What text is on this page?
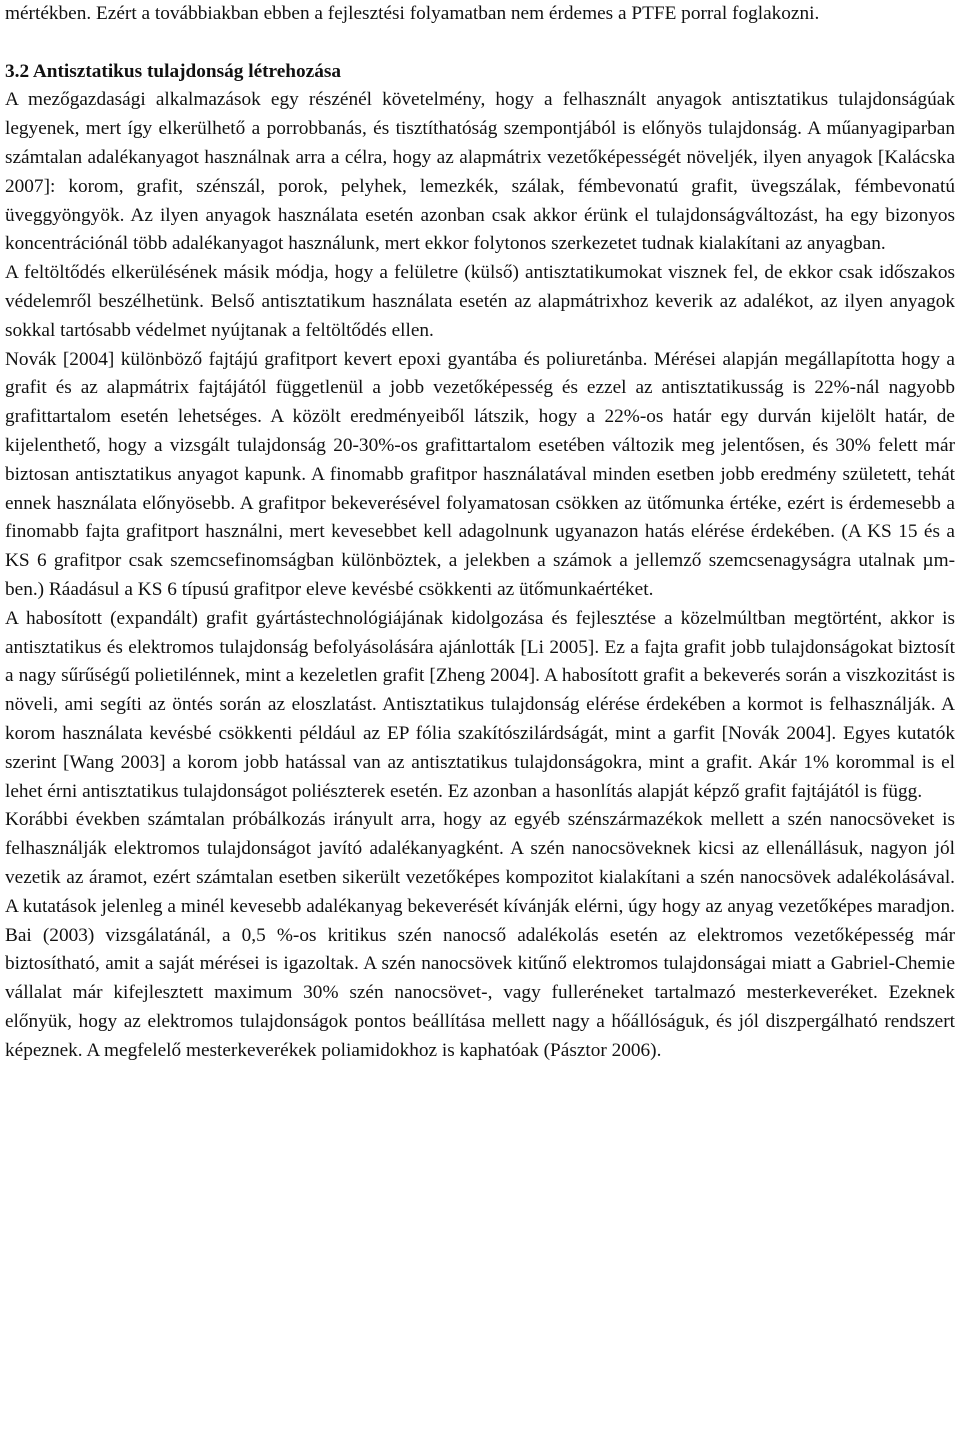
mértékben. Ezért a továbbiakban ebben a fejlesztési folyamatban nem érdemes a PTFE porral foglakozni.

3.2 Antisztatikus tulajdonság létrehozása

A mezőgazdasági alkalmazások egy részénél követelmény, hogy a felhasznált anyagok antisztatikus tulajdonságúak legyenek, mert így elkerülhető a porrobbanás, és tisztíthatóság szempontjából is előnyös tulajdonság. A műanyagiparban számtalan adalékanyagot használnak arra a célra, hogy az alapmátrix vezetőképességét növeljék, ilyen anyagok [Kalácska 2007]: korom, grafit, szénszál, porok, pelyhek, lemezkék, szálak, fémbevonatú grafit, üvegszálak, fémbevonatú üveggyöngyök. Az ilyen anyagok használata esetén azonban csak akkor érünk el tulajdonságváltozást, ha egy bizonyos koncentrációnál több adalékanyagot használunk, mert ekkor folytonos szerkezetet tudnak kialakítani az anyagban.

A feltöltődés elkerülésének másik módja, hogy a felületre (külső) antisztatikumokat visznek fel, de ekkor csak időszakos védelemről beszélhetünk. Belső antisztatikum használata esetén az alapmátrixhoz keverik az adalékot, az ilyen anyagok sokkal tartósabb védelmet nyújtanak a feltöltődés ellen.

Novák [2004] különböző fajtájú grafitport kevert epoxi gyantába és poliuretánba. Mérései alapján megállapította hogy a grafit és az alapmátrix fajtájától függetlenül a jobb vezetőképesség és ezzel az antisztatikusság is 22%-nál nagyobb grafittartalom esetén lehetséges. A közölt eredményeiből látszik, hogy a 22%-os határ egy durván kijelölt határ, de kijelenthető, hogy a vizsgált tulajdonság 20-30%-os grafittartalom esetében változik meg jelentősen, és 30% felett már biztosan antisztatikus anyagot kapunk. A finomabb grafitpor használatával minden esetben jobb eredmény született, tehát ennek használata előnyösebb. A grafitpor bekeverésével folyamatosan csökken az ütőmunka értéke, ezért is érdemesebb a finomabb fajta grafitport használni, mert kevesebbet kell adagolnunk ugyanazon hatás elérése érdekében. (A KS 15 és a KS 6 grafitpor csak szemcsefinomságban különböztek, a jelekben a számok a jellemző szemcsenagyságra utalnak µm-ben.) Ráadásul a KS 6 típusú grafitpor eleve kevésbé csökkenti az ütőmunkaértéket.

A habosított (expandált) grafit gyártástechnológiájának kidolgozása és fejlesztése a közelmúltban megtörtént, akkor is antisztatikus és elektromos tulajdonság befolyásolására ajánlották [Li 2005]. Ez a fajta grafit jobb tulajdonságokat biztosít a nagy sűrűségű polietilénnek, mint a kezeletlen grafit [Zheng 2004]. A habosított grafit a bekeverés során a viszkozitást is növeli, ami segíti az öntés során az eloszlatást. Antisztatikus tulajdonság elérése érdekében a kormot is felhasználják. A korom használata kevésbé csökkenti például az EP fólia szakítószilárdságát, mint a garfit [Novák 2004]. Egyes kutatók szerint [Wang 2003] a korom jobb hatással van az antisztatikus tulajdonságokra, mint a grafit. Akár 1% korommal is el lehet érni antisztatikus tulajdonságot poliészterek esetén. Ez azonban a hasonlítás alapját képző grafit fajtájától is függ.

Korábbi években számtalan próbálkozás irányult arra, hogy az egyéb szénszármazékok mellett a szén nanocsöveket is felhasználják elektromos tulajdonságot javító adalékanyagként. A szén nanocsöveknek kicsi az ellenállásuk, nagyon jól vezetik az áramot, ezért számtalan esetben sikerült vezetőképes kompozitot kialakítani a szén nanocsövek adalékolásával. A kutatások jelenleg a minél kevesebb adalékanyag bekeverését kívánják elérni, úgy hogy az anyag vezetőképes maradjon. Bai (2003) vizsgálatánál, a 0,5 %-os kritikus szén nanocső adalékolás esetén az elektromos vezetőképesség már biztosítható, amit a saját mérései is igazoltak. A szén nanocsövek kitűnő elektromos tulajdonságai miatt a Gabriel-Chemie vállalat már kifejlesztett maximum 30% szén nanocsövet-, vagy fulleréneket tartalmazó mesterkeveréket. Ezeknek előnyük, hogy az elektromos tulajdonságok pontos beállítása mellett nagy a hőállóságuk, és jól diszpergálható rendszert képeznek. A megfelelő mesterkeverékek poliamidokhoz is kaphatóak (Pásztor 2006).
